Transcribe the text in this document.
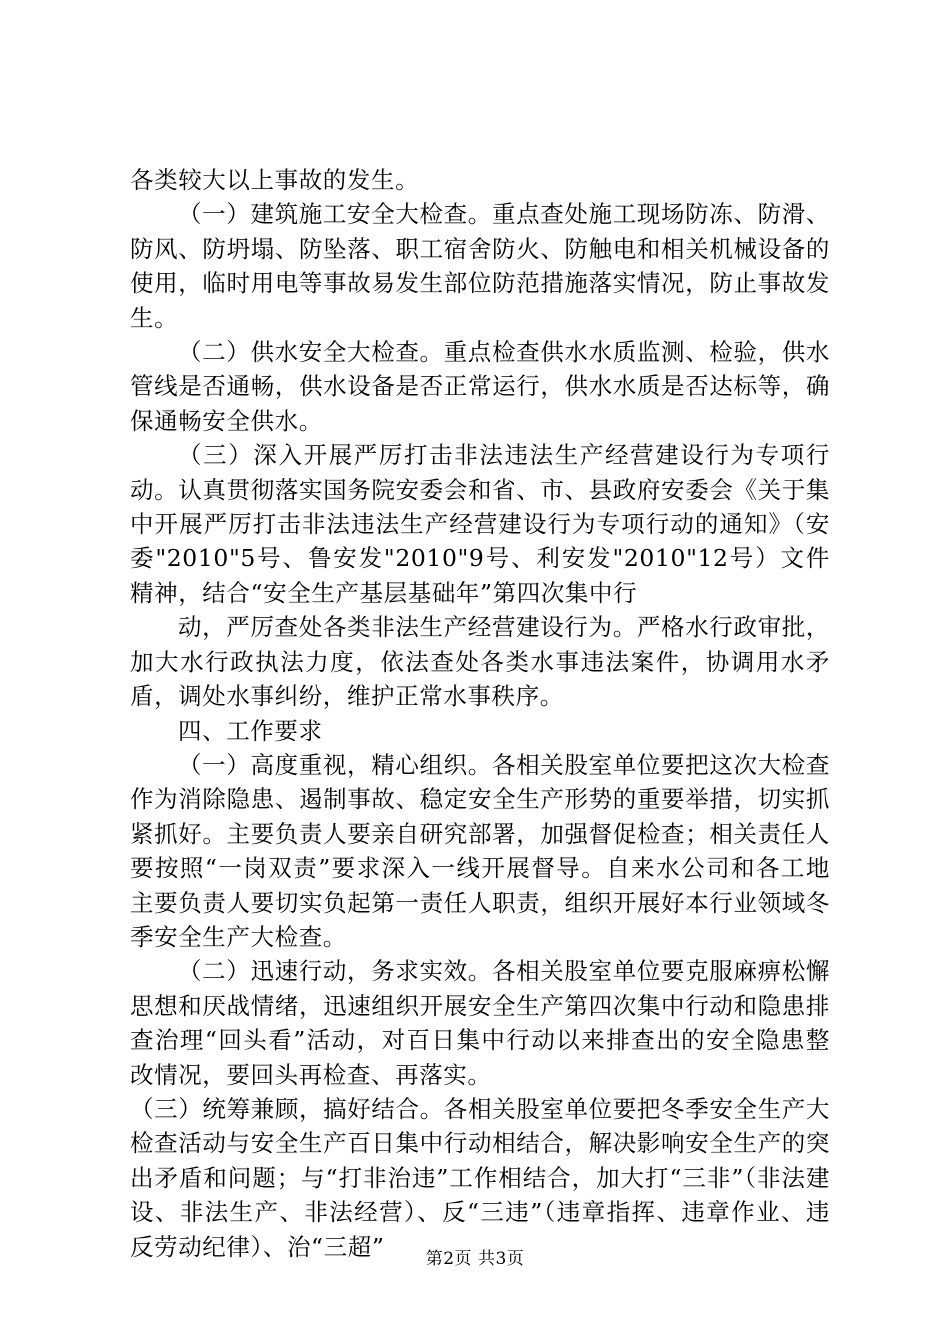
各类较大以上事故的发生。

（一）建筑施工安全大检查。重点查处施工现场防冻、防滑、防风、防坍塌、防坠落、职工宿舍防火、防触电和相关机械设备的使用，临时用电等事故易发生部位防范措施落实情况，防止事故发生。

（二）供水安全大检查。重点检查供水水质监测、检验，供水管线是否通畅，供水设备是否正常运行，供水水质是否达标等，确保通畅安全供水。

（三）深入开展严厉打击非法违法生产经营建设行为专项行动。认真贯彻落实国务院安委会和省、市、县政府安委会《关于集中开展严厉打击非法违法生产经营建设行为专项行动的通知》（安委"2010"5号、鲁安发"2010"9号、利安发"2010"12号）文件精神，结合“安全生产基层基础年”第四次集中行

动，严厉查处各类非法生产经营建设行为。严格水行政审批，加大水行政执法力度，依法查处各类水事违法案件，协调用水矛盾，调处水事纠纷，维护正常水事秩序。

四、工作要求

（一）高度重视，精心组织。各相关股室单位要把这次大检查作为消除隐患、遏制事故、稳定安全生产形势的重要举措，切实抓紧抓好。主要负责人要亲自研究部署，加强督促检查；相关责任人要按照“一岗双责”要求深入一线开展督导。自来水公司和各工地主要负责人要切实负起第一责任人职责，组织开展好本行业领域冬季安全生产大检查。

（二）迅速行动，务求实效。各相关股室单位要克服麻痹松懈思想和厌战情绪，迅速组织开展安全生产第四次集中行动和隐患排查治理“回头看”活动，对百日集中行动以来排查出的安全隐患整改情况，要回头再检查、再落实。

（三）统筹兼顾，搞好结合。各相关股室单位要把冬季安全生产大检查活动与安全生产百日集中行动相结合，解决影响安全生产的突出矛盾和问题；与“打非治违”工作相结合，加大打“三非”（非法建设、非法生产、非法经营）、反“三违”（违章指挥、违章作业、违反劳动纪律）、治“三超”	第2页 共3页
